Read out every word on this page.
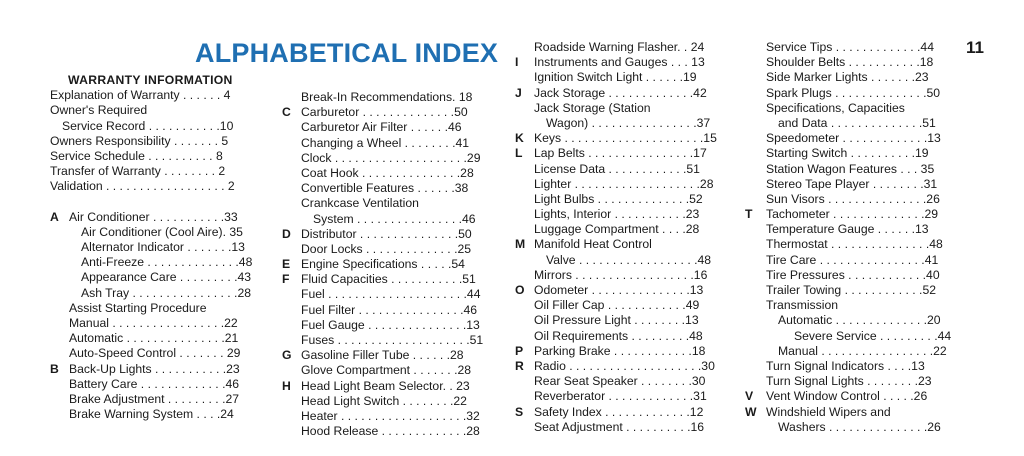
ALPHABETICAL INDEX	11
WARRANTY INFORMATION
Explanation of Warranty . . . . . . 4
Owner's Required
Service Record . . . . . . . . . . .10
Owners Responsibility . . . . . . . 5
Service Schedule . . . . . . . . . . 8
Transfer of Warranty . . . . . . . . 2
Validation . . . . . . . . . . . . . . . . . . 2
A Air Conditioner . . . . . . . . . . .33
Air Conditioner (Cool Aire). 35
Alternator Indicator . . . . . . .13
Anti-Freeze . . . . . . . . . . . . . .48
Appearance Care . . . . . . . . .43
Ash Tray . . . . . . . . . . . . . . . .28
Assist Starting Procedure
Manual . . . . . . . . . . . . . . . . .22
Automatic . . . . . . . . . . . . . . .21
Auto-Speed Control . . . . . . . 29
B Back-Up Lights . . . . . . . . . . .23
Battery Care . . . . . . . . . . . . .46
Brake Adjustment . . . . . . . . .27
Brake Warning System . . . .24
Break-In Recommendations. 18
C Carburetor . . . . . . . . . . . . . .50
Carburetor Air Filter . . . . . .46
Changing a Wheel . . . . . . . .41
Clock . . . . . . . . . . . . . . . . . . . .29
Coat Hook . . . . . . . . . . . . . . .28
Convertible Features . . . . . .38
Crankcase Ventilation
System . . . . . . . . . . . . . . . .46
D Distributor . . . . . . . . . . . . . . .50
Door Locks . . . . . . . . . . . . . .25
E Engine Specifications . . . . .54
F Fluid Capacities . . . . . . . . . . .51
Fuel . . . . . . . . . . . . . . . . . . . . .44
Fuel Filter . . . . . . . . . . . . . . . .46
Fuel Gauge . . . . . . . . . . . . . . .13
Fuses . . . . . . . . . . . . . . . . . . . .51
G Gasoline Filler Tube . . . . . .28
Glove Compartment . . . . . . .28
H Head Light Beam Selector. . 23
Head Light Switch . . . . . . . .22
Heater . . . . . . . . . . . . . . . . . . .32
Hood Release . . . . . . . . . . . . .28
Roadside Warning Flasher. . 24
I Instruments and Gauges . . . 13
Ignition Switch Light . . . . . .19
J Jack Storage . . . . . . . . . . . . .42
Jack Storage (Station
Wagon) . . . . . . . . . . . . . . . .37
K Keys . . . . . . . . . . . . . . . . . . . . .15
L Lap Belts . . . . . . . . . . . . . . . .17
License Data . . . . . . . . . . . .51
Lighter . . . . . . . . . . . . . . . . . . .28
Light Bulbs . . . . . . . . . . . . . .52
Lights, Interior . . . . . . . . . . .23
Luggage Compartment . . . .28
M Manifold Heat Control
Valve . . . . . . . . . . . . . . . . . .48
Mirrors . . . . . . . . . . . . . . . . . .16
O Odometer . . . . . . . . . . . . . . .13
Oil Filler Cap . . . . . . . . . . . .49
Oil Pressure Light . . . . . . . .13
Oil Requirements . . . . . . . . .48
P Parking Brake . . . . . . . . . . . .18
R Radio . . . . . . . . . . . . . . . . . . . .30
Rear Seat Speaker . . . . . . . .30
Reverberator . . . . . . . . . . . . .31
S Safety Index . . . . . . . . . . . . .12
Seat Adjustment . . . . . . . . . .16
Service Tips . . . . . . . . . . . . .44
Shoulder Belts . . . . . . . . . . .18
Side Marker Lights . . . . . . .23
Spark Plugs . . . . . . . . . . . . . .50
Specifications, Capacities
and Data . . . . . . . . . . . . . .51
Speedometer . . . . . . . . . . . . .13
Starting Switch . . . . . . . . . .19
Station Wagon Features . . . 35
Stereo Tape Player . . . . . . . .31
Sun Visors . . . . . . . . . . . . . . .26
T Tachometer . . . . . . . . . . . . . .29
Temperature Gauge . . . . . .13
Thermostat . . . . . . . . . . . . . . .48
Tire Care . . . . . . . . . . . . . . . .41
Tire Pressures . . . . . . . . . . . .40
Trailer Towing . . . . . . . . . . . .52
Transmission
Automatic . . . . . . . . . . . . . .20
Severe Service . . . . . . . . .44
Manual . . . . . . . . . . . . . . . . .22
Turn Signal Indicators . . . .13
Turn Signal Lights . . . . . . . .23
V Vent Window Control . . . . .26
W Windshield Wipers and
Washers . . . . . . . . . . . . . . .26
